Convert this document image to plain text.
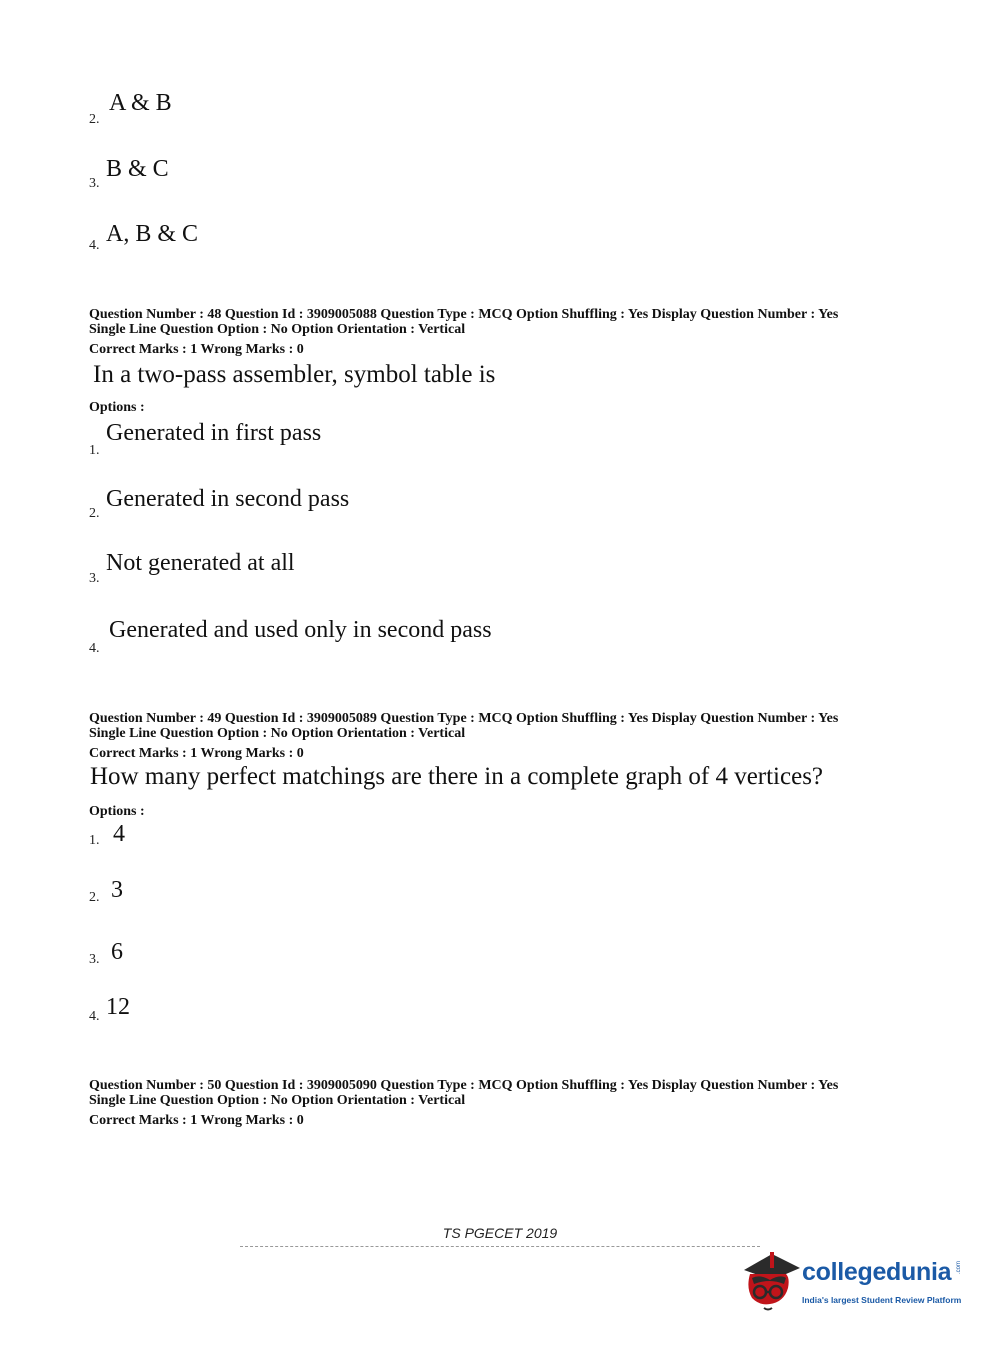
2.
A & B
3.
B & C
4. A, B & C
Question Number : 48 Question Id : 3909005088 Question Type : MCQ Option Shuffling : Yes Display Question Number : Yes
Single Line Question Option : No Option Orientation : Vertical
Correct Marks : 1 Wrong Marks : 0
In a two-pass assembler, symbol table is
Options :
1.
Generated in first pass
2.
Generated in second pass
3.
Not generated at all
4.
Generated and used only in second pass
Question Number : 49 Question Id : 3909005089 Question Type : MCQ Option Shuffling : Yes Display Question Number : Yes
Single Line Question Option : No Option Orientation : Vertical
Correct Marks : 1 Wrong Marks : 0
How many perfect matchings are there in a complete graph of 4 vertices?
Options :
1. 4
2. 3
3. 6
4. 12
Question Number : 50 Question Id : 3909005090 Question Type : MCQ Option Shuffling : Yes Display Question Number : Yes
Single Line Question Option : No Option Orientation : Vertical
Correct Marks : 1 Wrong Marks : 0
TS PGECET 2019
collegedunia .com
India's largest Student Review Platform
